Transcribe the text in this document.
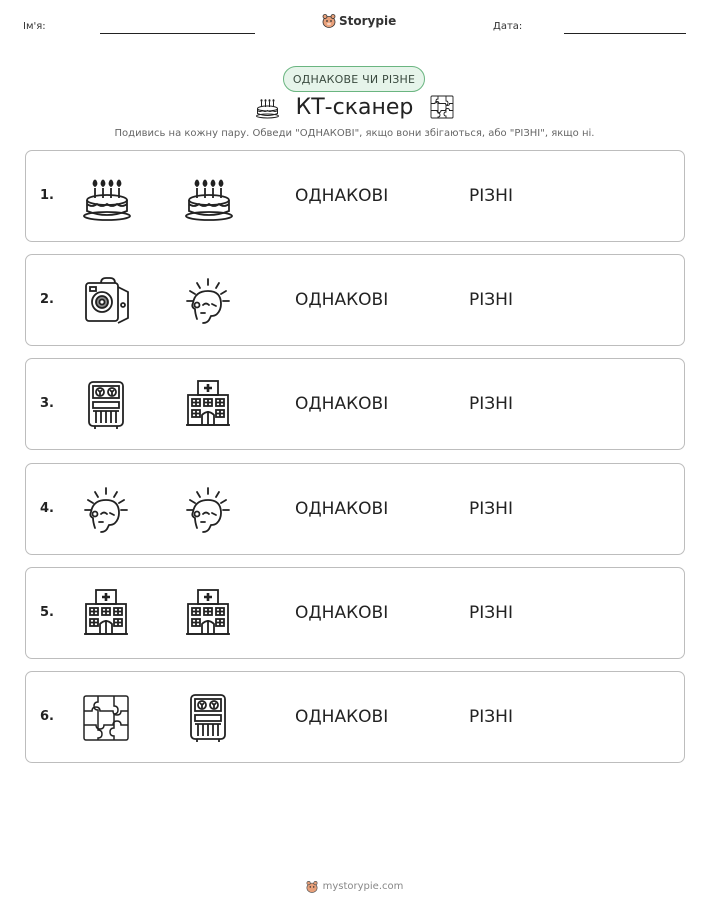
Ім'я:	Storypie	Дата:
ОДНАКОВЕ ЧИ РІЗНЕ
КТ-сканер
Подивись на кожну пару. Обведи "ОДНАКОВІ", якщо вони збігаються, або "РІЗНІ", якщо ні.
1.	ОДНАКОВІ	РІЗНІ
2.	ОДНАКОВІ	РІЗНІ
3.	ОДНАКОВІ	РІЗНІ
4.	ОДНАКОВІ	РІЗНІ
5.	ОДНАКОВІ	РІЗНІ
6.	ОДНАКОВІ	РІЗНІ
mystorypie.com
